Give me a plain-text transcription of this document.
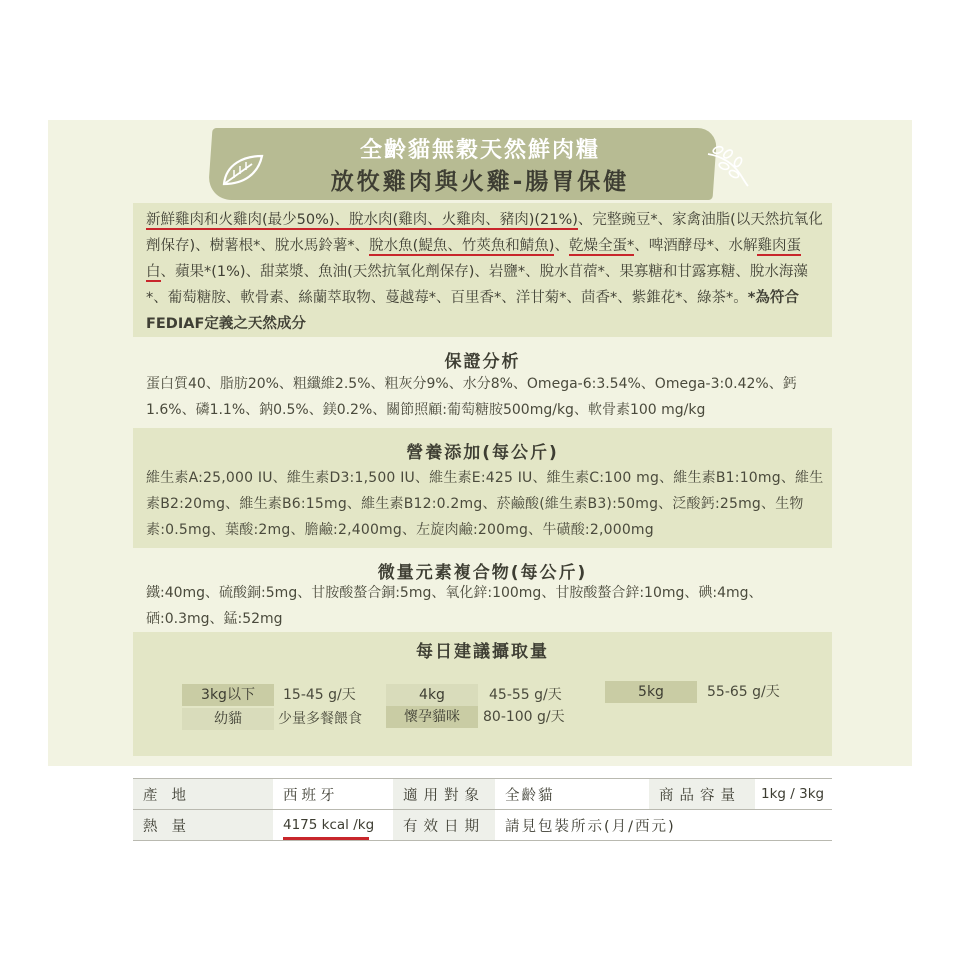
全齡貓無穀天然鮮肉糧
放牧雞肉與火雞-腸胃保健

新鮮雞肉和火雞肉(最少50%)、脫水肉(雞肉、火雞肉、豬肉)(21%)、完整豌豆*、家禽油脂(以天然抗氧化劑保存)、樹薯根*、脫水馬鈴薯*、脫水魚(鯷魚、竹莢魚和鯖魚)、乾燥全蛋*、啤酒酵母*、水解雞肉蛋白、蘋果*(1%)、甜菜漿、魚油(天然抗氧化劑保存)、岩鹽*、脫水苜蓿*、果寡糖和甘露寡糖、脫水海藻*、葡萄糖胺、軟骨素、絲蘭萃取物、蔓越莓*、百里香*、洋甘菊*、茴香*、紫錐花*、綠茶*。*為符合FEDIAF定義之天然成分

保證分析

蛋白質40、脂肪20%、粗纖維2.5%、粗灰分9%、水分8%、Omega-6:3.54%、Omega-3:0.42%、鈣1.6%、磷1.1%、鈉0.5%、鎂0.2%、關節照顧:葡萄糖胺500mg/kg、軟骨素100 mg/kg

營養添加(每公斤)

維生素A:25,000 IU、維生素D3:1,500 IU、維生素E:425 IU、維生素C:100 mg、維生素B1:10mg、維生素B2:20mg、維生素B6:15mg、維生素B12:0.2mg、菸鹼酸(維生素B3):50mg、泛酸鈣:25mg、生物素:0.5mg、葉酸:2mg、膽鹼:2,400mg、左旋肉鹼:200mg、牛磺酸:2,000mg

微量元素複合物(每公斤)

鐵:40mg、硫酸銅:5mg、甘胺酸螯合銅:5mg、氧化鋅:100mg、甘胺酸螯合鋅:10mg、碘:4mg、硒:0.3mg、錳:52mg

每日建議攝取量
3kg以下	15-45 g/天	4kg	45-55 g/天	5kg	55-65 g/天
幼貓	少量多餐餵食	懷孕貓咪	80-100 g/天
產地	西班牙	適用對象	全齡貓	商品容量	1kg / 3kg
熱量	4175 kcal /kg	有效日期	請見包裝所示(月/西元)		
